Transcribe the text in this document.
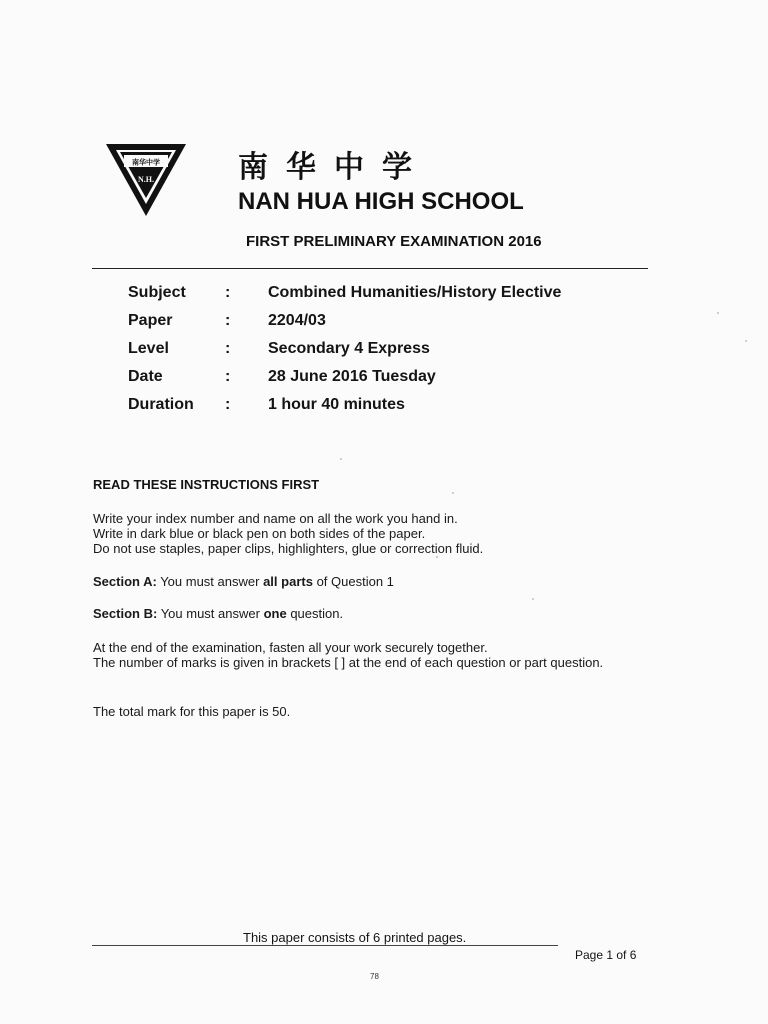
南华中学
N.H.	南华中学
NAN HUA HIGH SCHOOL
FIRST PRELIMINARY EXAMINATION 2016
Subject : Combined Humanities/History Elective
Paper	: 2204/03
Level	: Secondary 4 Express
Date	: 28 June 2016 Tuesday
Duration : 1 hour 40 minutes
READ THESE INSTRUCTIONS FIRST
Write your index number and name on all the work you hand in.
Write in dark blue or black pen on both sides of the paper.
Do not use staples, paper clips, highlighters, glue or correction fluid.
Section A: You must answer all parts of Question 1
Section B: You must answer one question.
At the end of the examination, fasten all your work securely together.
The number of marks is given in brackets [ ] at the end of each question or part question.
The total mark for this paper is 50.
This paper consists of 6 printed pages.
Page 1 of 6
78
